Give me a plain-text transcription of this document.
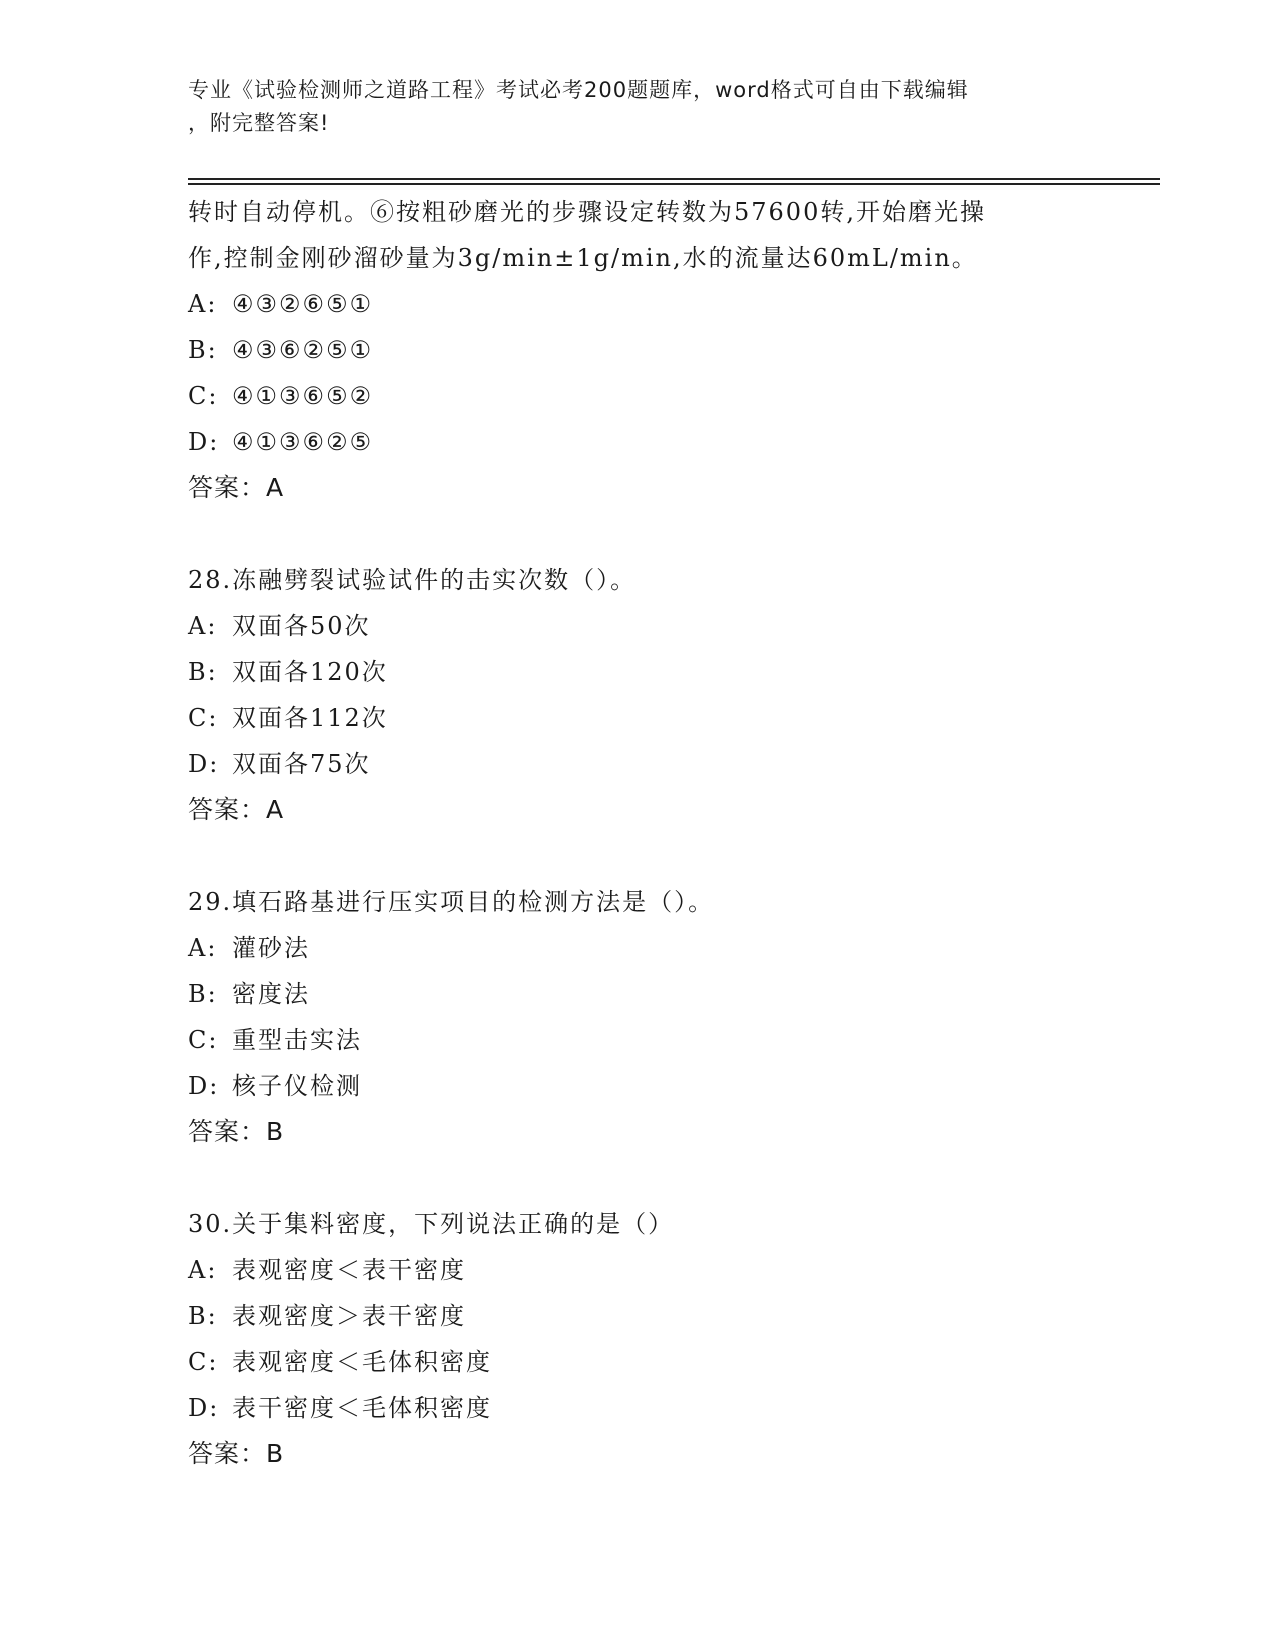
专业《试验检测师之道路工程》考试必考200题题库，word格式可自由下载编辑
，附完整答案!
转时自动停机。⑥按粗砂磨光的步骤设定转数为57600转,开始磨光操
作,控制金刚砂溜砂量为3g/min±1g/min,水的流量达60mL/min。
A: ④③②⑥⑤①
B: ④③⑥②⑤①
C: ④①③⑥⑤②
D: ④①③⑥②⑤
答案：A
28.冻融劈裂试验试件的击实次数（）。
A: 双面各50次
B: 双面各120次
C: 双面各112次
D: 双面各75次
答案：A
29.填石路基进行压实项目的检测方法是（）。
A: 灌砂法
B: 密度法
C: 重型击实法
D: 核子仪检测
答案：B
30.关于集料密度，下列说法正确的是（）
A: 表观密度＜表干密度
B: 表观密度＞表干密度
C: 表观密度＜毛体积密度
D: 表干密度＜毛体积密度
答案：B
